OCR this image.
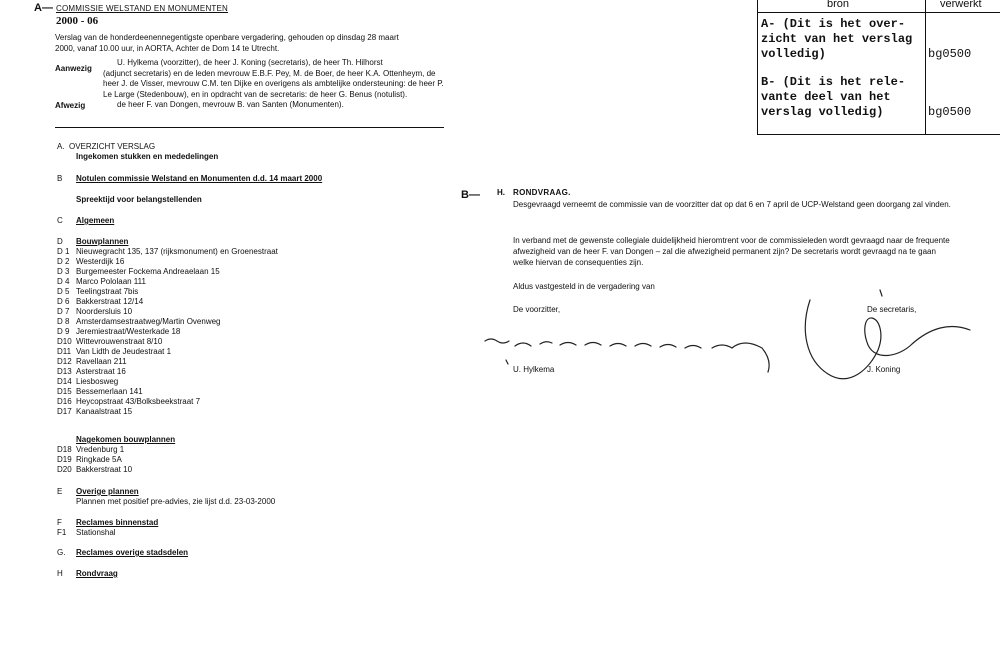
A— COMMISSIE WELSTAND EN MONUMENTEN
2000 - 06
Verslag van de honderdeenennegentigste openbare vergadering, gehouden op dinsdag 28 maart 2000, vanaf 10.00 uur, in AORTA, Achter de Dom 14 te Utrecht.
Aanwezig
U. Hylkema (voorzitter), de heer J. Koning (secretaris), de heer Th. Hilhorst
(adjunct secretaris) en de leden mevrouw E.B.F. Pey, M. de Boer, de heer K.A. Ottenheym, de
heer J. de Visser, mevrouw C.M. ten Dijke en overigens als ambtelijke ondersteuning: de heer P.
Le Large (Stedenbouw), en in opdracht van de secretaris: de heer G. Benus (notulist).
Afwezig	de heer F. van Dongen, mevrouw B. van Santen (Monumenten).
A. OVERZICHT VERSLAG
Ingekomen stukken en mededelingen
B Notulen commissie Welstand en Monumenten d.d. 14 maart 2000
Spreektijd voor belangstellenden
C Algemeen
D Bouwplannen
D 1 Nieuwegracht 135, 137 (rijksmonument) en Groenestraat
D 2 Westerdijk 16
D 3 Burgemeester Fockema Andreaelaan 15
D 4 Marco Pololaan 111
D 5 Teelingstraat 7bis
D 6 Bakkerstraat 12/14
D 7 Noordersluis 10
D 8 Amsterdamsestraatweg/Martin Ovenweg
D 9 Jeremiestraat/Westerkade 18
D10 Wittevrouwenstraat 8/10
D11 Van Lidth de Jeudestraat 1
D12 Ravellaan 211
D13 Asterstraat 16
D14 Liesbosweg
D15 Bessemerlaan 141
D16 Heycopstraat 43/Bolksbeekstraat 7
D17 Kanaalstraat 15
Nagekomen bouwplannen
D18 Vredenburg 1
D19 Ringkade 5A
D20 Bakkerstraat 10
E Overige plannen
Plannen met positief pre-advies, zie lijst d.d. 23-03-2000
F Reclames binnenstad
F1 Stationshal
G. Reclames overige stadsdelen
H Rondvraag
bron	verwerkt
A- (Dit is het over-
zicht van het verslag
volledig)	bg0500
B- (Dit is het rele-
vante deel van het
verslag volledig)	bg0500
B— H. RONDVRAAG.
Desgevraagd verneemt de commissie van de voorzitter dat op dat 6 en 7 april de UCP-Welstand geen doorgang zal vinden.
In verband met de gewenste collegiale duidelijkheid hieromtrent voor de commissieleden wordt gevraagd naar de frequente afwezigheid van de heer F. van Dongen – zal die afwezigheid permanent zijn? De secretaris wordt gevraagd na te gaan welke hiervan de consequenties zijn.
Aldus vastgesteld in de vergadering van
De voorzitter,	De secretaris,
U. Hylkema	J. Koning
